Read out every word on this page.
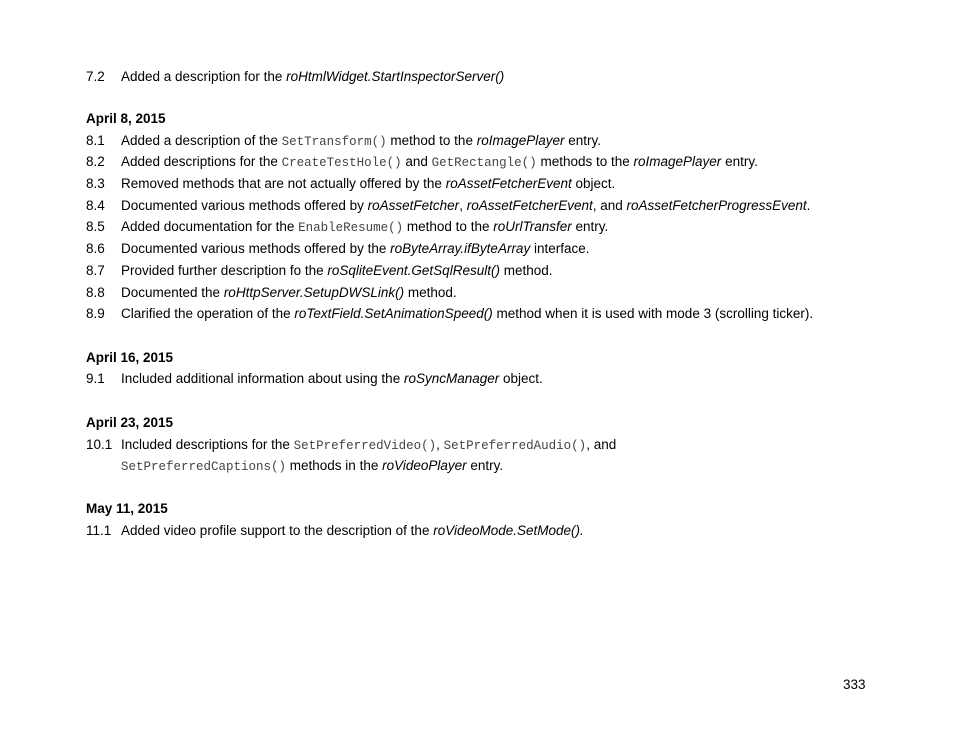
7.2 Added a description for the roHtmlWidget.StartInspectorServer()
April 8, 2015
8.1 Added a description of the SetTransform() method to the roImagePlayer entry.
8.2 Added descriptions for the CreateTestHole() and GetRectangle() methods to the roImagePlayer entry.
8.3 Removed methods that are not actually offered by the roAssetFetcherEvent object.
8.4 Documented various methods offered by roAssetFetcher, roAssetFetcherEvent, and roAssetFetcherProgressEvent.
8.5 Added documentation for the EnableResume() method to the roUrlTransfer entry.
8.6 Documented various methods offered by the roByteArray.ifByteArray interface.
8.7 Provided further description fo the roSqliteEvent.GetSqlResult() method.
8.8 Documented the roHttpServer.SetupDWSLink() method.
8.9 Clarified the operation of the roTextField.SetAnimationSpeed() method when it is used with mode 3 (scrolling ticker).
April 16, 2015
9.1 Included additional information about using the roSyncManager object.
April 23, 2015
10.1 Included descriptions for the SetPreferredVideo(), SetPreferredAudio(), and
SetPreferredCaptions() methods in the roVideoPlayer entry.
May 11, 2015
11.1 Added video profile support to the description of the roVideoMode.SetMode().
333
